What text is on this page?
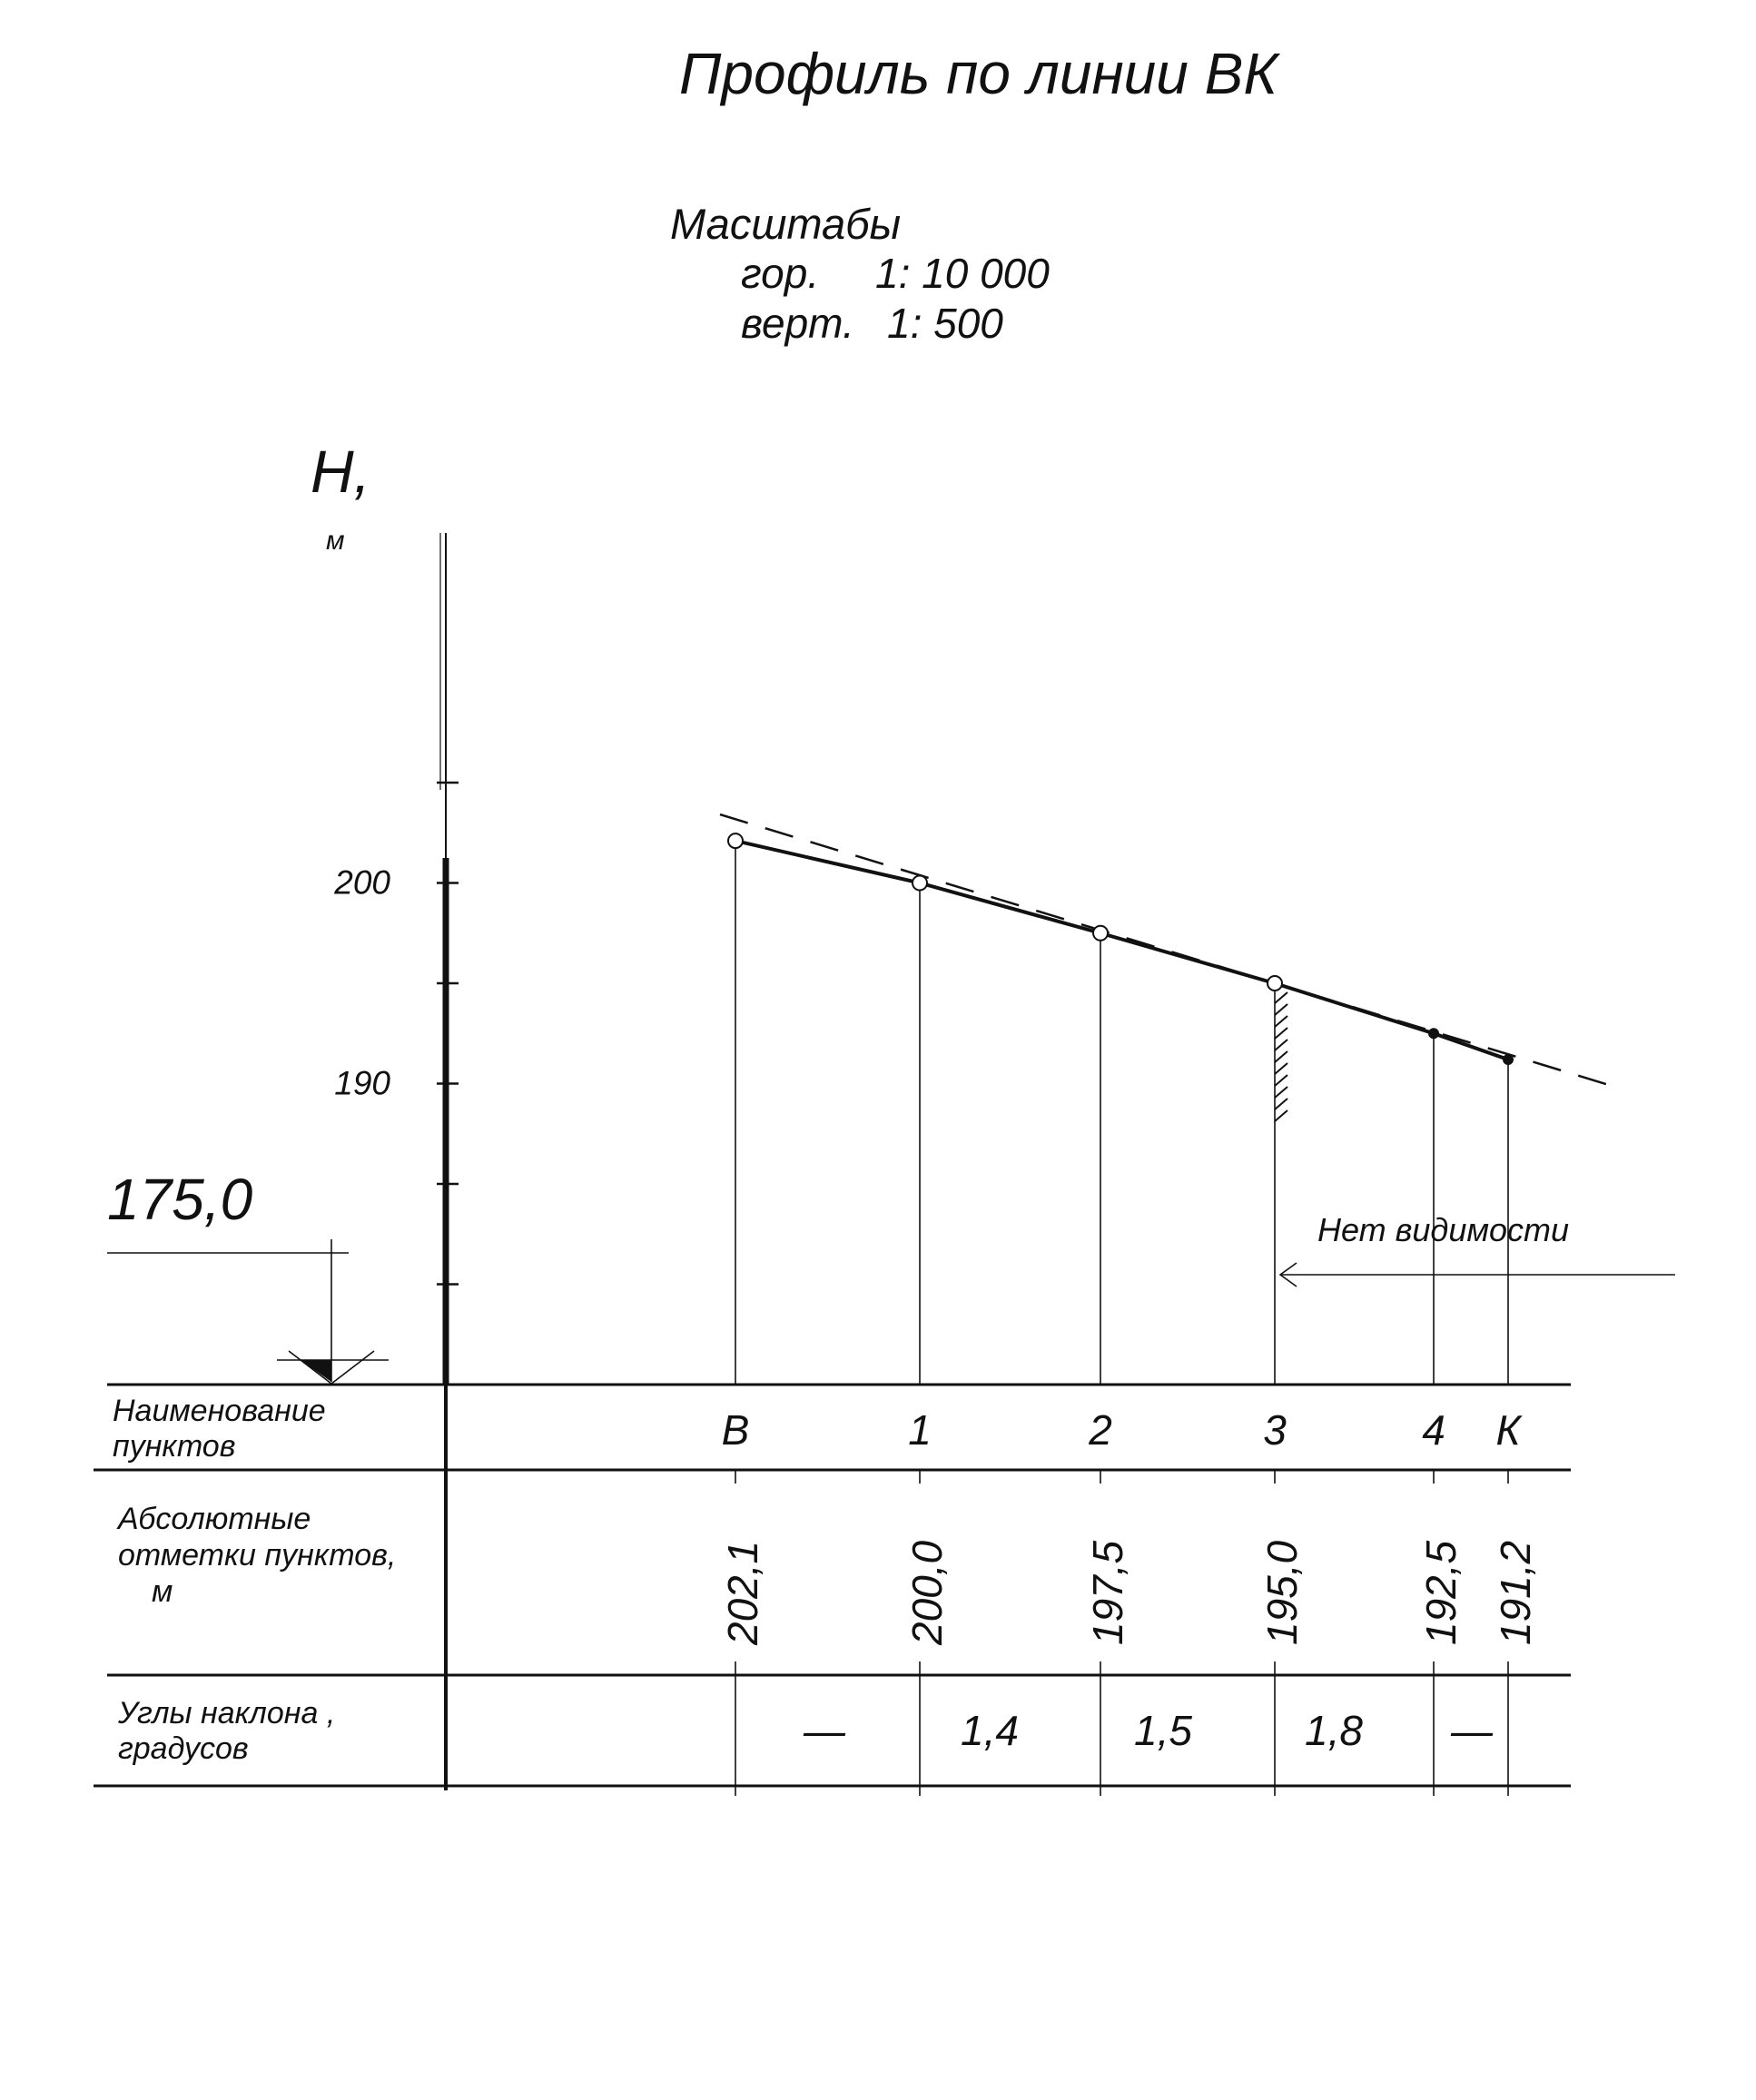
Профиль по линии ВК
Масштабы
гор. 1: 10 000
верт. 1: 500
H,
м
200
190
175,0	Нет видимости
Наименование
пунктов
Абсолютные
отметки пунктов,
м
Углы наклона ,
градусов
В	1	2	3	4 К
202,1	200,0	197,5	195,0	192,5 191,2
—	1,4	1,5	1,8 —
